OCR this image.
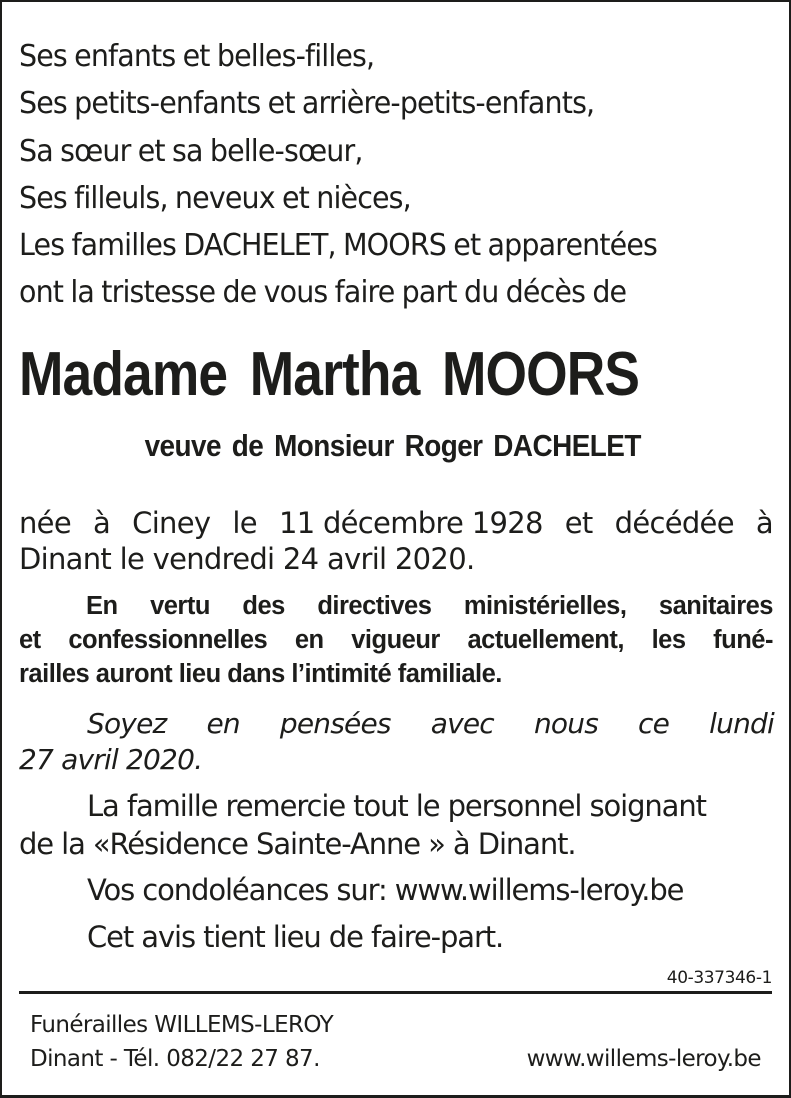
Ses enfants et belles-filles,
Ses petits-enfants et arrière-petits-enfants,
Sa sœur et sa belle-sœur,
Ses filleuls, neveux et nièces,
Les familles DACHELET, MOORS et apparentées
ont la tristesse de vous faire part du décès de
Madame Martha MOORS
veuve de Monsieur Roger DACHELET
née à Ciney le 11 décembre 1928 et décédée à
Dinant le vendredi 24 avril 2020.
En vertu des directives ministérielles, sanitaires
et confessionnelles en vigueur actuellement, les funé-
railles auront lieu dans l’intimité familiale.
Soyez en pensées avec nous ce lundi
27 avril 2020.
La famille remercie tout le personnel soignant
de la «Résidence Sainte-Anne » à Dinant.
Vos condoléances sur: www.willems-leroy.be
Cet avis tient lieu de faire-part.
40-337346-1
Funérailles WILLEMS-LEROY
Dinant - Tél. 082/22 27 87.	www.willems-leroy.be
